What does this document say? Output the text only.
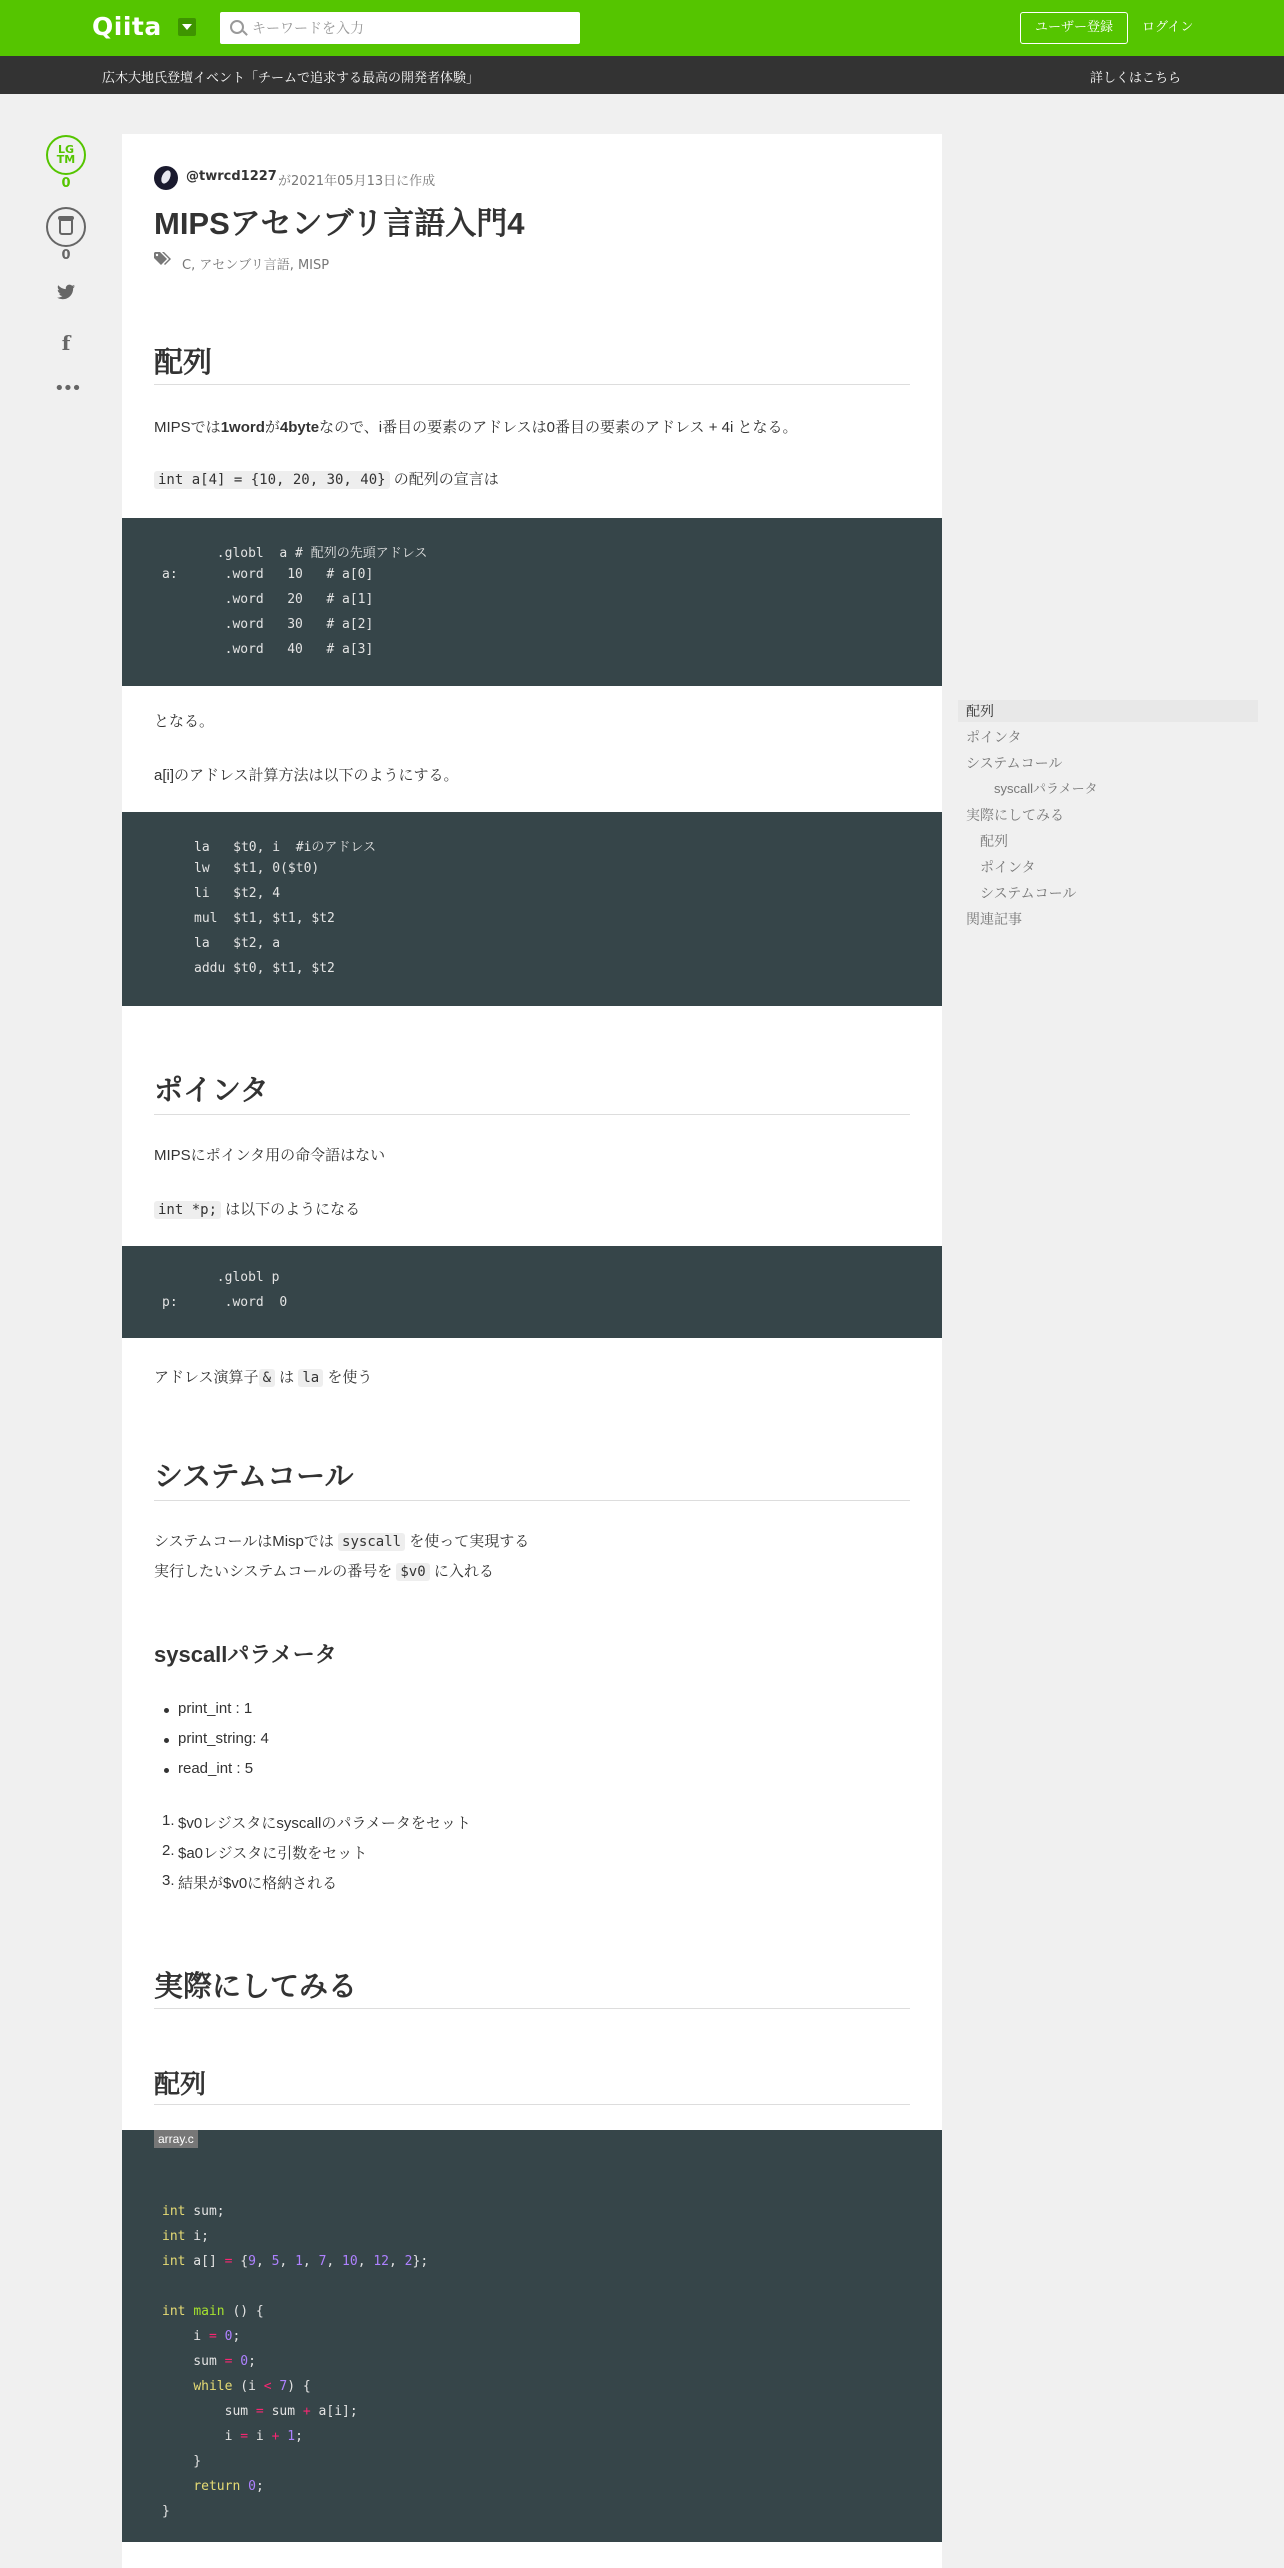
Qiita
キーワードを入力	ユーザー登録	ログイン
広木大地氏登壇イベント「チームで追求する最高の開発者体験」	詳しくはこちら
LG TM
0
0
f
•••
@twrcd1227 が2021年05月13日に作成
MIPSアセンブリ言語入門4
C, アセンブリ言語, MISP
配列
MIPSでは1wordが4byteなので、i番目の要素のアドレスは0番目の要素のアドレス + 4i となる。
int a[4] = {10, 20, 30, 40} の配列の宣言は
.globl  a # 配列の先頭アドレス
a:      .word   10   # a[0]
.word   20   # a[1]
.word   30   # a[2]
.word   40   # a[3]
となる。
a[i]のアドレス計算方法は以下のようにする。
la   $t0, i  #iのアドレス
lw   $t1, 0($t0)
li   $t2, 4
mul  $t1, $t1, $t2
la   $t2, a
addu $t0, $t1, $t2
ポインタ
MIPSにポインタ用の命令語はない
int *p; は以下のようになる
.globl p
p:      .word  0
アドレス演算子 & は la を使う
システムコール
システムコールはMispでは syscall を使って実現する
実行したいシステムコールの番号を $v0 に入れる
syscallパラメータ
print_int : 1
print_string: 4
read_int : 5
1. $v0レジスタにsyscallのパラメータをセット
2. $a0レジスタに引数をセット
3. 結果が$v0に格納される
実際にしてみる
配列
array.c
int sum;
int i;
int a[] = {9, 5, 1, 7, 10, 12, 2};
int main () {
i = 0;
sum = 0;
while (i < 7) {
sum = sum + a[i];
i = i + 1;
}
return 0;
}
配列
ポインタ
システムコール
syscallパラメータ
実際にしてみる
配列
ポインタ
システムコール
関連記事
